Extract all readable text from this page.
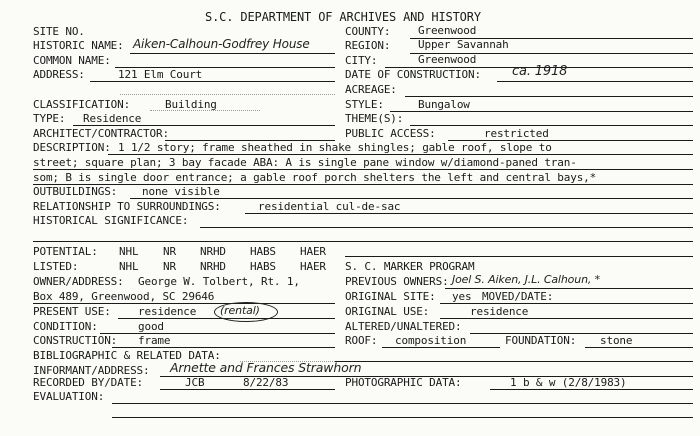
S.C. DEPARTMENT OF ARCHIVES AND HISTORY
SITE NO.	COUNTY:	Greenwood
HISTORIC NAME: Aiken-Calhoun-Godfrey House	REGION:	Upper Savannah
COMMON NAME:	CITY:	Greenwood
ADDRESS:	121 Elm Court	DATE OF CONSTRUCTION: ca. 1918
ACREAGE:
CLASSIFICATION:	Building	STYLE:	Bungalow
TYPE: Residence	THEME(S):
ARCHITECT/CONTRACTOR:	PUBLIC ACCESS:	restricted
DESCRIPTION: 1 1/2 story; frame sheathed in shake shingles; gable roof, slope to
street; square plan; 3 bay facade ABA: A is single pane window w/diamond-paned tran-
som; B is single door entrance; a gable roof porch shelters the left and central bays,*
OUTBUILDINGS: none visible
RELATIONSHIP TO SURROUNDINGS:	residential cul-de-sac
HISTORICAL SIGNIFICANCE:
POTENTIAL: NHL NR NRHD HABS HAER
LISTED:	NHL NR NRHD HABS HAER S. C. MARKER PROGRAM
OWNER/ADDRESS: George W. Tolbert, Rt. 1,	PREVIOUS OWNERS: Joel S. Aiken, J.L. Calhoun, *
Box 489, Greenwood, SC 29646	ORIGINAL SITE: yes MOVED/DATE:
PRESENT USE: residence (rental)	ORIGINAL USE:	residence
CONDITION:	good	ALTERED/UNALTERED:
CONSTRUCTION: frame	ROOF: composition	FOUNDATION: stone
BIBLIOGRAPHIC & RELATED DATA:
INFORMANT/ADDRESS: Arnette and Frances Strawhorn
RECORDED BY/DATE:	JCB	8/22/83	PHOTOGRAPHIC DATA:	1 b & w (2/8/1983)
EVALUATION:
